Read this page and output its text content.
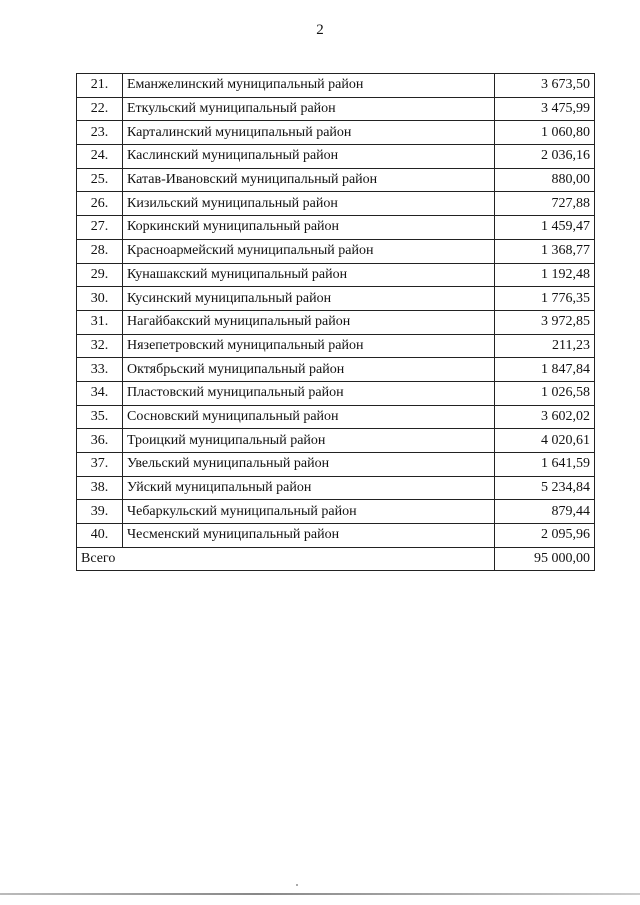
2
21.	Еманжелинский муниципальный район	3 673,50
22.	Еткульский муниципальный район	3 475,99
23.	Карталинский муниципальный район	1 060,80
24.	Каслинский муниципальный район	2 036,16
25.	Катав-Ивановский муниципальный район	880,00
26.	Кизильский муниципальный район	727,88
27.	Коркинский муниципальный район	1 459,47
28.	Красноармейский муниципальный район	1 368,77
29.	Кунашакский муниципальный район	1 192,48
30.	Кусинский муниципальный район	1 776,35
31.	Нагайбакский муниципальный район	3 972,85
32.	Нязепетровский муниципальный район	211,23
33.	Октябрьский муниципальный район	1 847,84
34.	Пластовский муниципальный район	1 026,58
35.	Сосновский муниципальный район	3 602,02
36.	Троицкий муниципальный район	4 020,61
37.	Увельский муниципальный район	1 641,59
38.	Уйский муниципальный район	5 234,84
39.	Чебаркульский муниципальный район	879,44
40.	Чесменский муниципальный район	2 095,96
Всего		95 000,00
